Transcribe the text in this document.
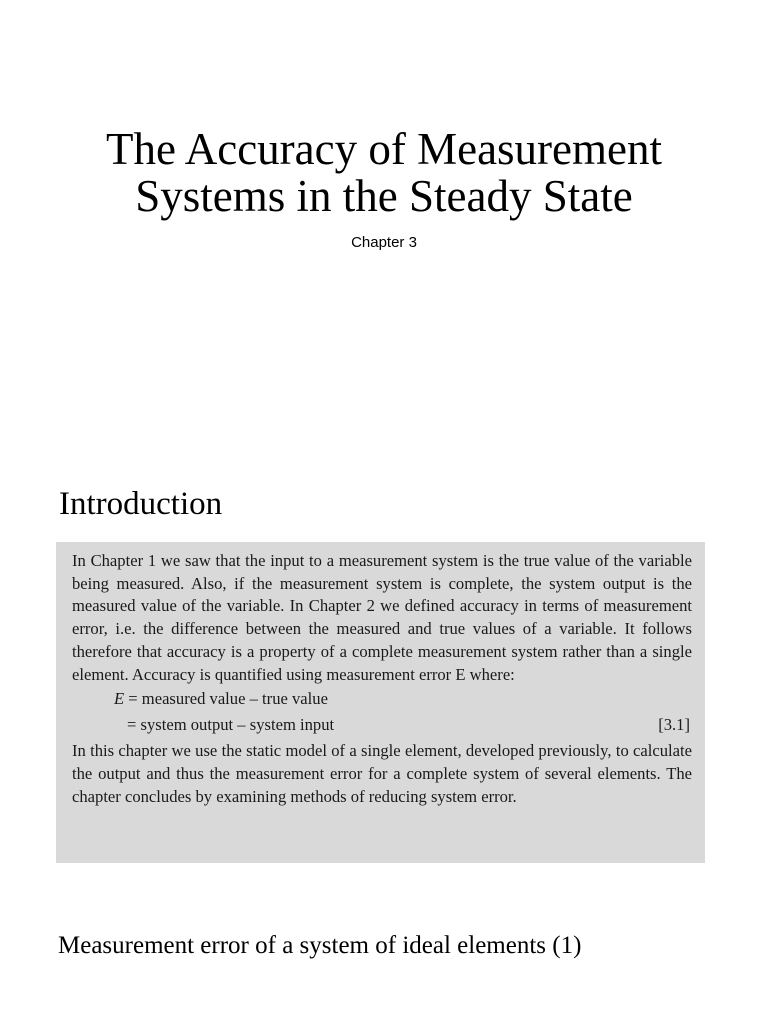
The Accuracy of Measurement
Systems in the Steady State
Chapter 3
Introduction

In Chapter 1 we saw that the input to a measurement system is the true value of the variable being measured. Also, if the measurement system is complete, the system output is the measured value of the variable. In Chapter 2 we defined accuracy in terms of measurement error, i.e. the difference between the measured and true values of a variable. It follows therefore that accuracy is a property of a complete measurement system rather than a single element. Accuracy is quantified using measurement error E where:

E = measured value – true value
= system output – system input	[3.1]

In this chapter we use the static model of a single element, developed previously, to calculate the output and thus the measurement error for a complete system of several elements. The chapter concludes by examining methods of reducing system error.

Measurement error of a system of ideal elements (1)
